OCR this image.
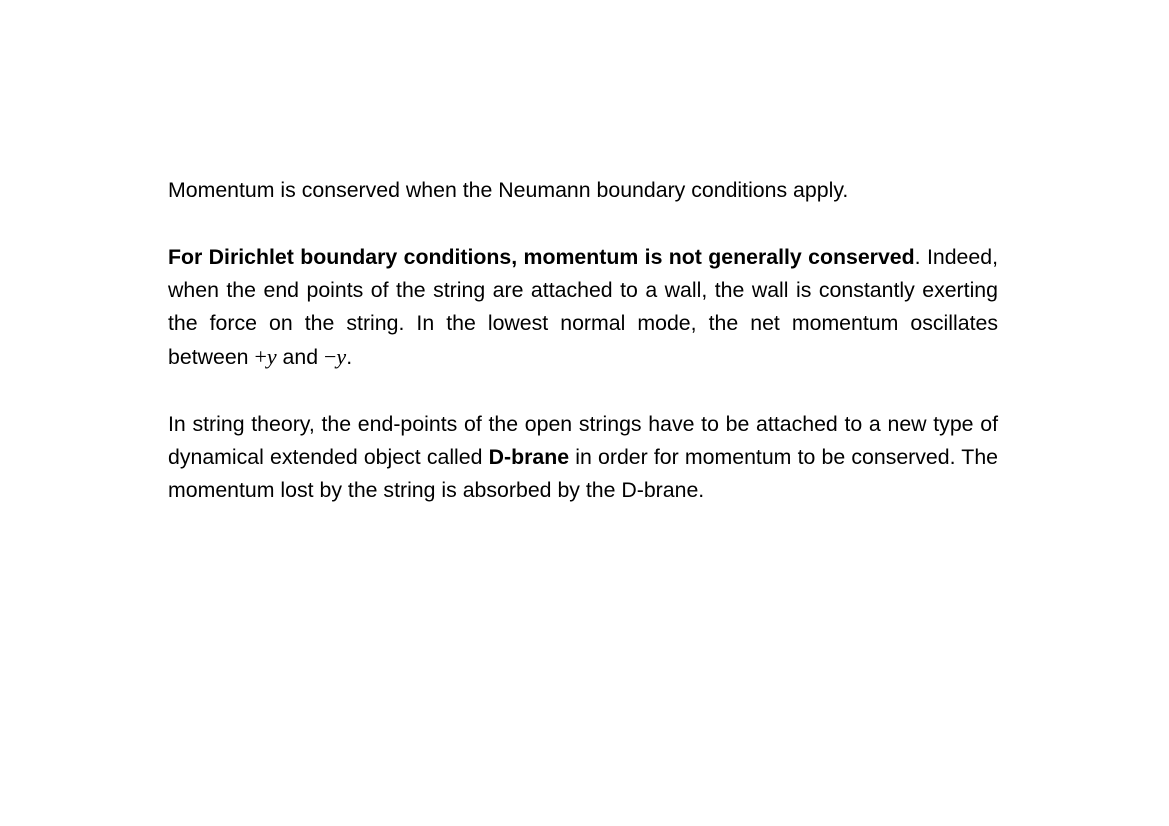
Momentum is conserved when the Neumann boundary conditions apply.

For Dirichlet boundary conditions, momentum is not generally conserved. Indeed, when the end points of the string are attached to a wall, the wall is constantly exerting the force on the string. In the lowest normal mode, the net momentum oscillates between +y and −y.

In string theory, the end-points of the open strings have to be attached to a new type of dynamical extended object called D-brane in order for momentum to be conserved. The momentum lost by the string is absorbed by the D-brane.
